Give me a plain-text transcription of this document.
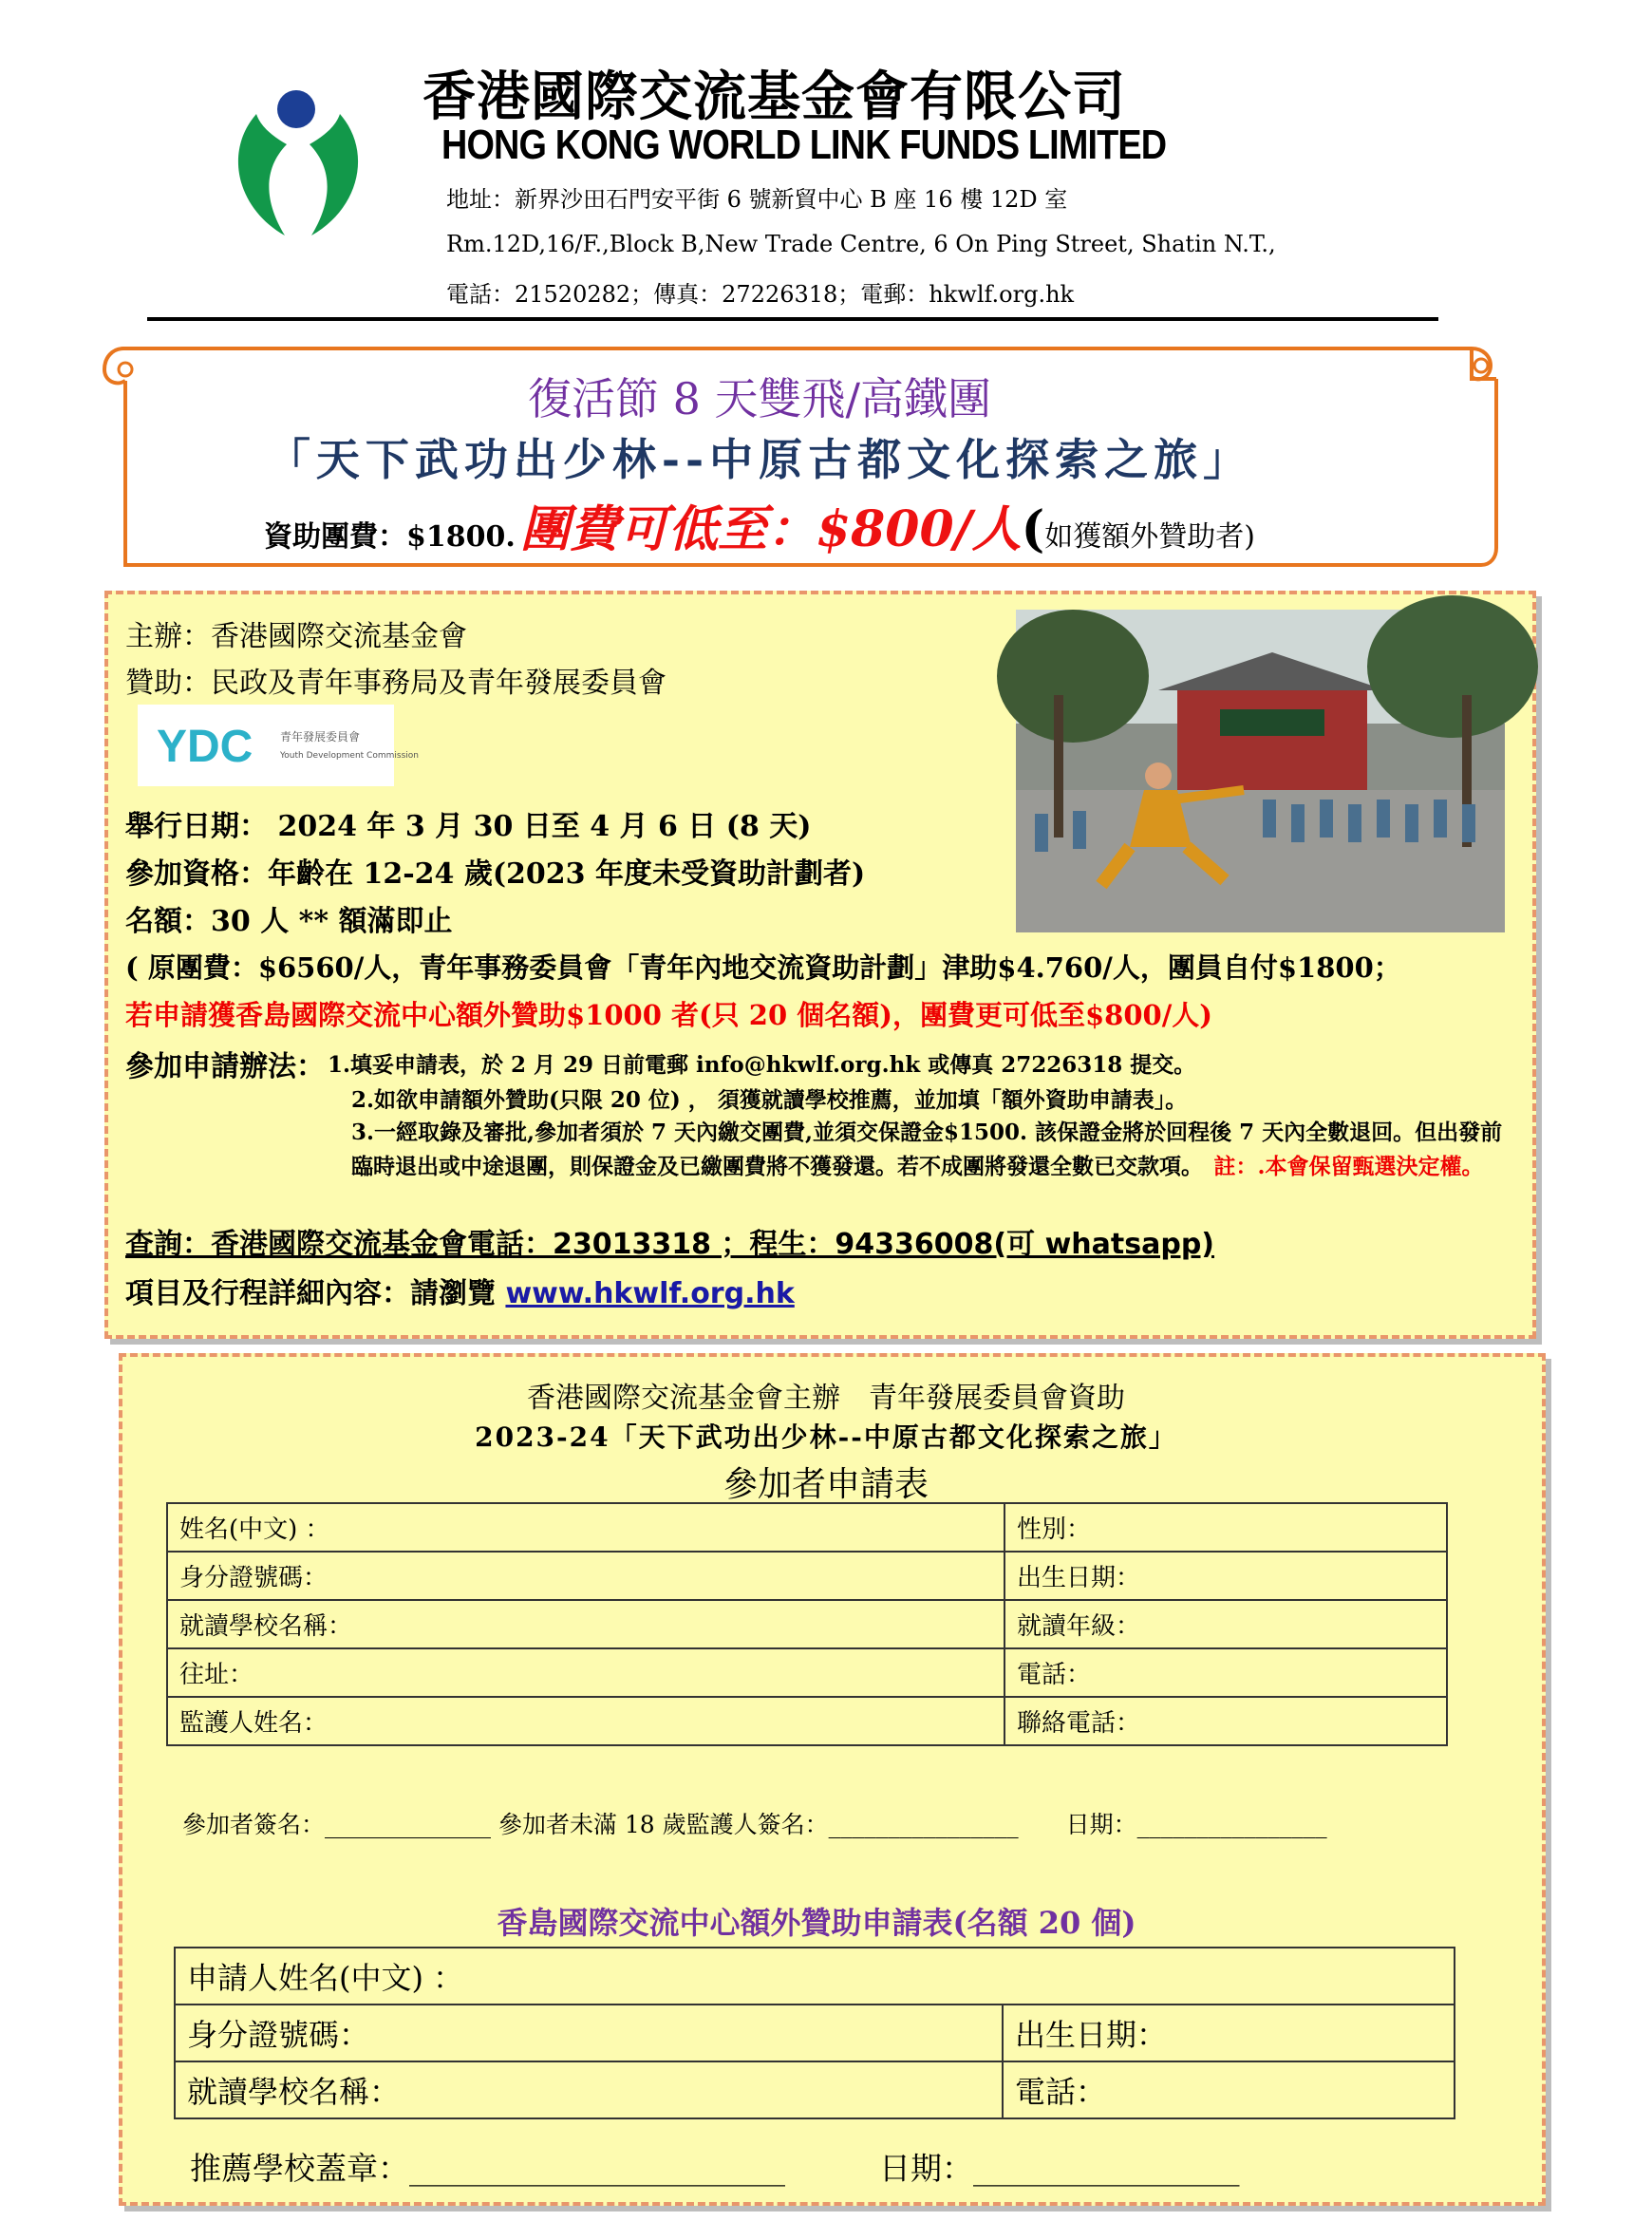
香港國際交流基金會有限公司
HONG KONG WORLD LINK FUNDS LIMITED
地址：新界沙田石門安平街 6 號新貿中心 B 座 16 樓 12D 室
Rm.12D,16/F.,Block B,New Trade Centre, 6 On Ping Street, Shatin N.T.,
電話：21520282；傳真：27226318；電郵：hkwlf.org.hk
復活節 8 天雙飛/高鐵團
「天下武功出少林--中原古都文化探索之旅」
資助團費：$1800. 團費可低至：$800/人(如獲額外贊助者)
主辦：香港國際交流基金會
贊助：民政及青年事務局及青年發展委員會
YDC 青年發展委員會
Youth Development Commission
舉行日期： 2024 年 3 月 30 日至 4 月 6 日 (8 天)
參加資格：年齡在 12-24 歲(2023 年度未受資助計劃者)
名額：30 人 ** 額滿即止
( 原團費：$6560/人，青年事務委員會「青年內地交流資助計劃」津助$4.760/人，團員自付$1800；
若申請獲香島國際交流中心額外贊助$1000 者(只 20 個名額)，團費更可低至$800/人)
參加申請辦法： 1.填妥申請表，於 2 月 29 日前電郵 info@hkwlf.org.hk 或傳真 27226318 提交。
2.如欲申請額外贊助(只限 20 位) ， 須獲就讀學校推薦，並加填「額外資助申請表」。
3.一經取錄及審批,參加者須於 7 天內繳交團費,並須交保證金$1500. 該保證金將於回程後 7 天內全數退回。但出發前臨時退出或中途退團，則保證金及已繳團費將不獲發還。若不成團將發還全數已交款項。　 註：.本會保留甄選決定權。
查詢：香港國際交流基金會電話：23013318 ；程生：94336008(可 whatsapp)
項目及行程詳細內容：請瀏覽 www.hkwlf.org.hk
香港國際交流基金會主辦　青年發展委員會資助
2023-24「天下武功出少林--中原古都文化探索之旅」
參加者申請表
姓名(中文) ：	性別：
身分證號碼：	出生日期：
就讀學校名稱：	就讀年級：
往址：	電話：
監護人姓名：	聯絡電話：
參加者簽名：______________ 參加者未滿 18 歲監護人簽名：________________　　日期：________________
香島國際交流中心額外贊助申請表(名額 20 個)
申請人姓名(中文) ：	
身分證號碼：	出生日期：
就讀學校名稱：	電話：
推薦學校蓋章：________________________　　　日期：_________________
